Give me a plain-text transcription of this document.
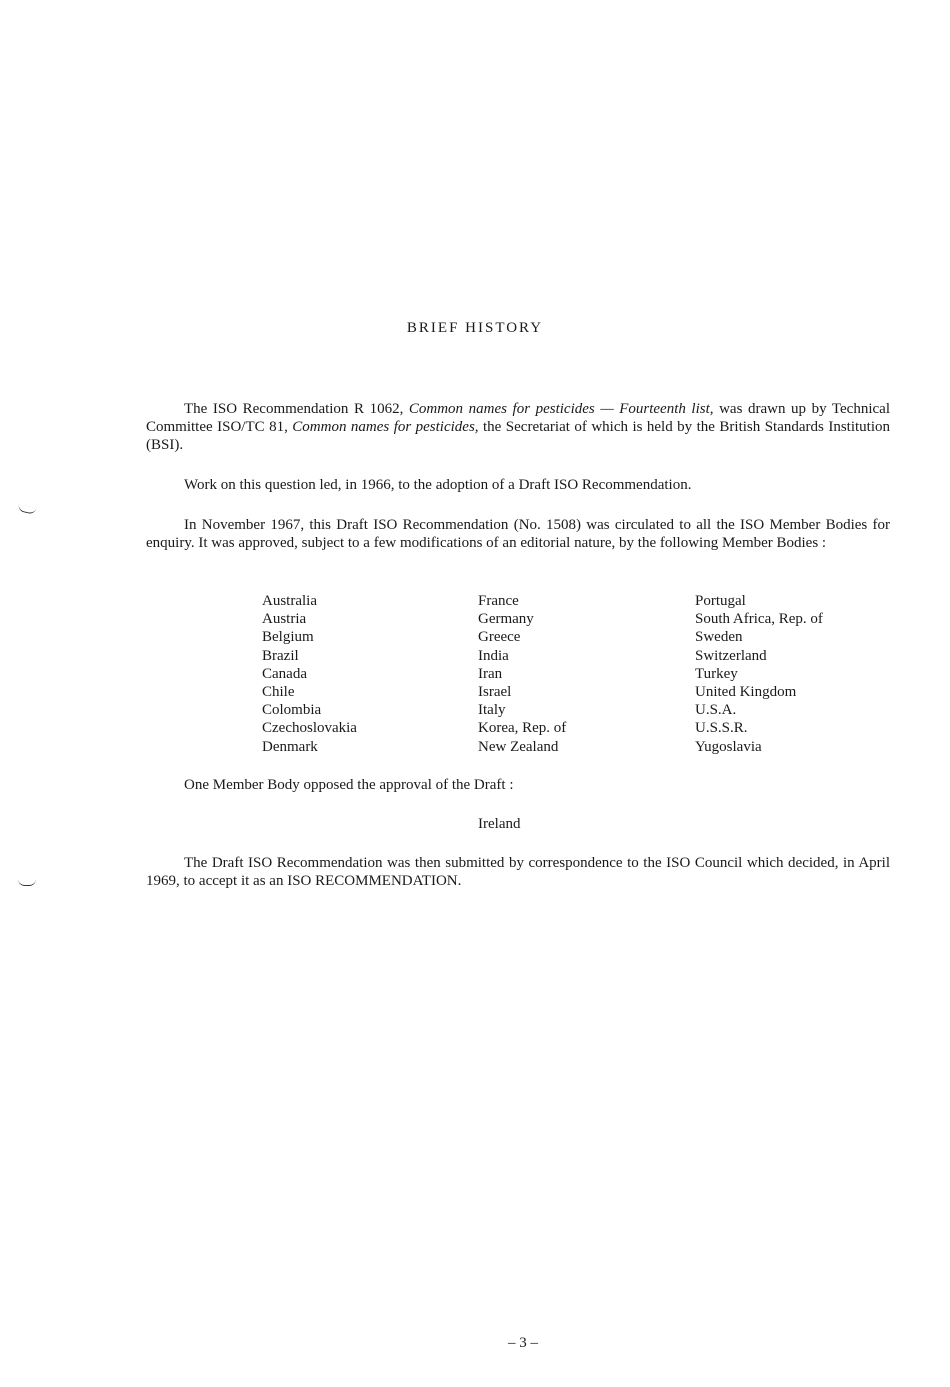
BRIEF HISTORY
The ISO Recommendation R 1062, Common names for pesticides — Fourteenth list, was drawn up by Technical Committee ISO/TC 81, Common names for pesticides, the Secretariat of which is held by the British Standards Institution (BSI).
Work on this question led, in 1966, to the adoption of a Draft ISO Recommendation.
In November 1967, this Draft ISO Recommendation (No. 1508) was circulated to all the ISO Member Bodies for enquiry. It was approved, subject to a few modifications of an editorial nature, by the following Member Bodies :
Australia
Austria
Belgium
Brazil
Canada
Chile
Colombia
Czechoslovakia
Denmark
France
Germany
Greece
India
Iran
Israel
Italy
Korea, Rep. of
New Zealand
Portugal
South Africa, Rep. of
Sweden
Switzerland
Turkey
United Kingdom
U.S.A.
U.S.S.R.
Yugoslavia
One Member Body opposed the approval of the Draft :
Ireland
The Draft ISO Recommendation was then submitted by correspondence to the ISO Council which decided, in April 1969, to accept it as an ISO RECOMMENDATION.
– 3 –
